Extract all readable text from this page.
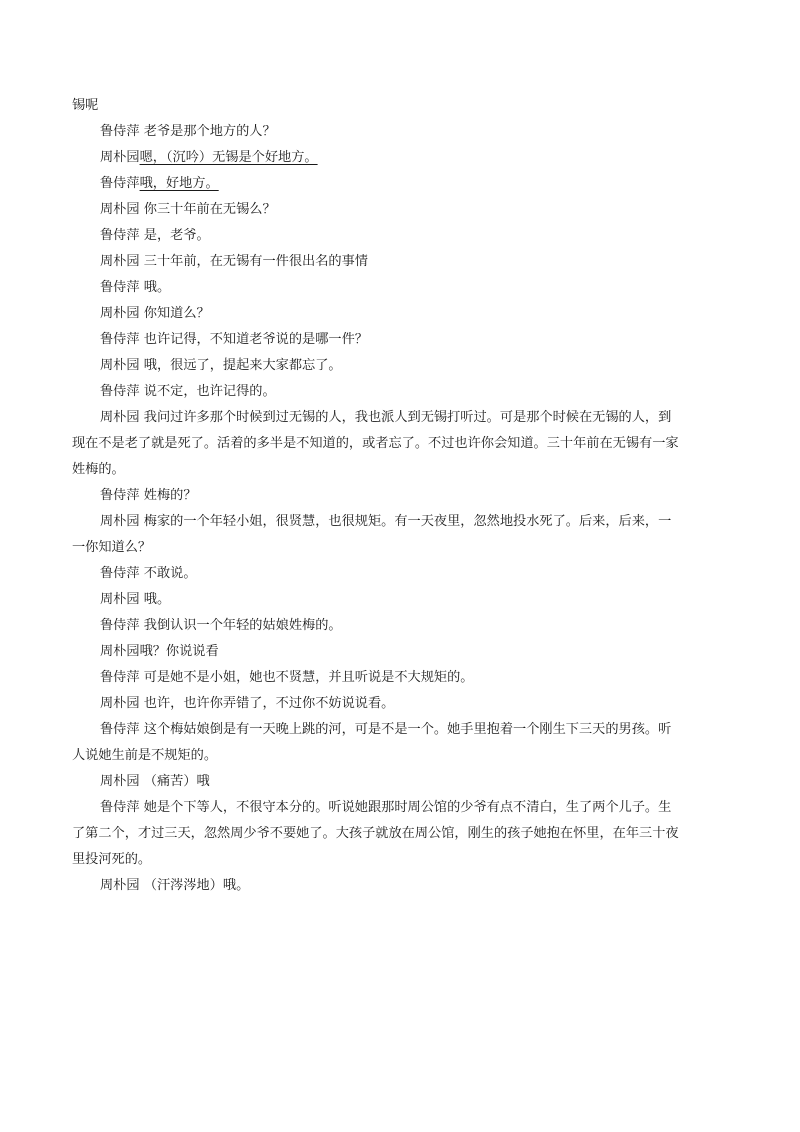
锡呢

鲁侍萍 老爷是那个地方的人？

周朴园嗯，（沉吟）无锡是个好地方。

鲁侍萍哦，好地方。

周朴园 你三十年前在无锡么？

鲁侍萍 是，老爷。

周朴园 三十年前，在无锡有一件很出名的事情

鲁侍萍 哦。

周朴园 你知道么？

鲁侍萍 也许记得，不知道老爷说的是哪一件？

周朴园 哦，很远了，提起来大家都忘了。

鲁侍萍 说不定，也许记得的。

周朴园 我问过许多那个时候到过无锡的人，我也派人到无锡打听过。可是那个时候在无锡的人，到

现在不是老了就是死了。活着的多半是不知道的，或者忘了。不过也许你会知道。三十年前在无锡有一家

姓梅的。

鲁侍萍 姓梅的？

周朴园 梅家的一个年轻小姐，很贤慧，也很规矩。有一天夜里，忽然地投水死了。后来，后来，一

一你知道么？

鲁侍萍 不敢说。

周朴园 哦。

鲁侍萍 我倒认识一个年轻的姑娘姓梅的。

周朴园哦？你说说看

鲁侍萍 可是她不是小姐，她也不贤慧，并且听说是不大规矩的。

周朴园 也许，也许你弄错了，不过你不妨说说看。

鲁侍萍 这个梅姑娘倒是有一天晚上跳的河，可是不是一个。她手里抱着一个刚生下三天的男孩。听

人说她生前是不规矩的。

周朴园 （痛苦）哦

鲁侍萍 她是个下等人，不很守本分的。听说她跟那时周公馆的少爷有点不清白，生了两个儿子。生

了第二个，才过三天，忽然周少爷不要她了。大孩子就放在周公馆，刚生的孩子她抱在怀里，在年三十夜

里投河死的。

周朴园 （汗涔涔地）哦。
